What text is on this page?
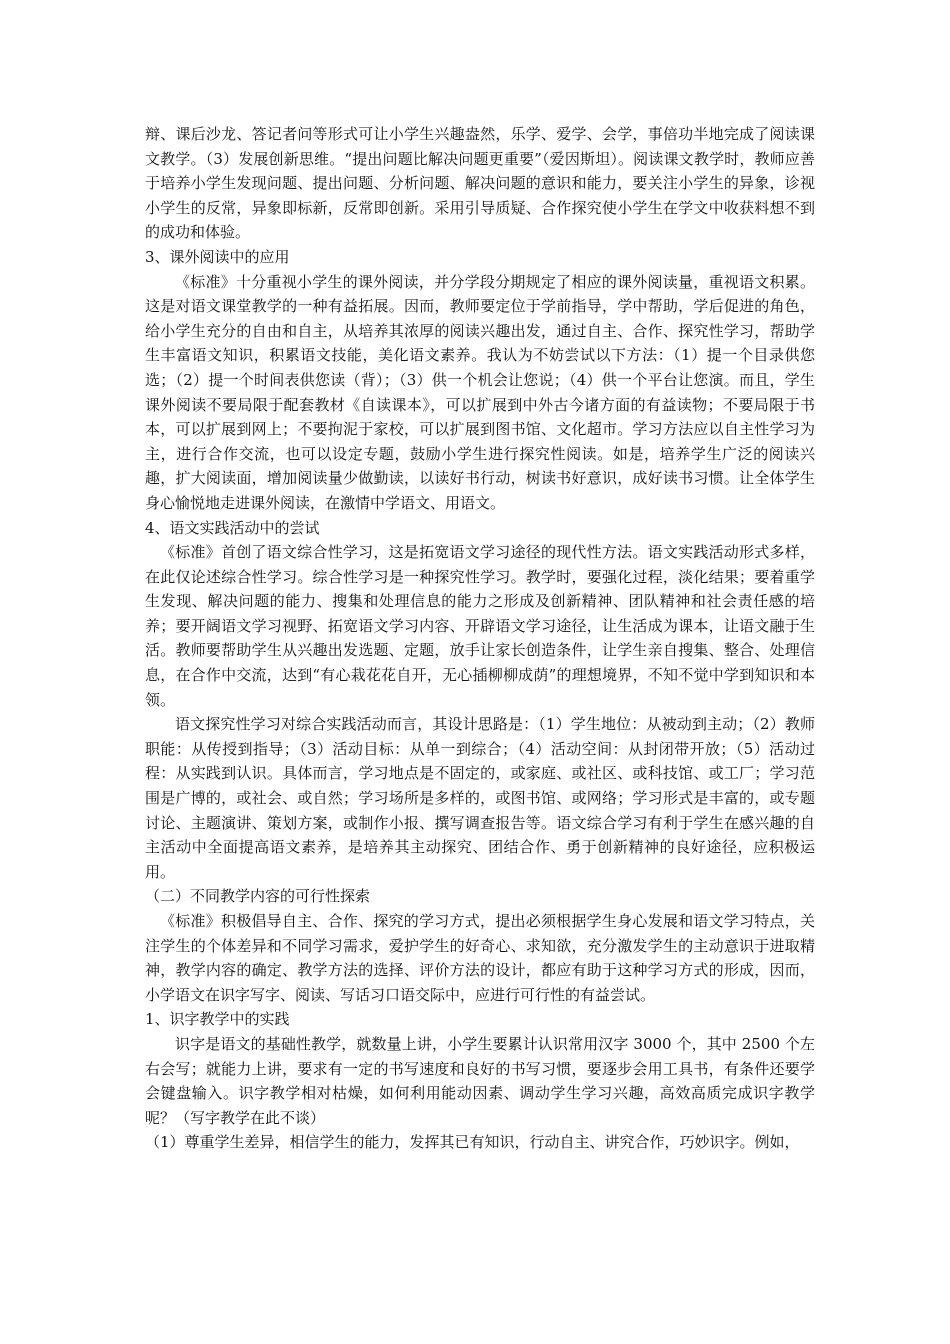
辩、课后沙龙、答记者问等形式可让小学生兴趣盎然，乐学、爱学、会学，事倍功半地完成了阅读课文教学。（3）发展创新思维。“提出问题比解决问题更重要”（爱因斯坦）。阅读课文教学时，教师应善于培养小学生发现问题、提出问题、分析问题、解决问题的意识和能力，要关注小学生的异象，诊视小学生的反常，异象即标新，反常即创新。采用引导质疑、合作探究使小学生在学文中收获料想不到的成功和体验。

3、课外阅读中的应用

《标准》十分重视小学生的课外阅读，并分学段分期规定了相应的课外阅读量，重视语文积累。这是对语文课堂教学的一种有益拓展。因而，教师要定位于学前指导，学中帮助，学后促进的角色，给小学生充分的自由和自主，从培养其浓厚的阅读兴趣出发，通过自主、合作、探究性学习，帮助学生丰富语文知识，积累语文技能，美化语文素养。我认为不妨尝试以下方法：（1）提一个目录供您选；（2）提一个时间表供您读（背）；（3）供一个机会让您说；（4）供一个平台让您演。而且，学生课外阅读不要局限于配套教材《自读课本》，可以扩展到中外古今诸方面的有益读物；不要局限于书本，可以扩展到网上；不要拘泥于家校，可以扩展到图书馆、文化超市。学习方法应以自主性学习为主，进行合作交流，也可以设定专题，鼓励小学生进行探究性阅读。如是，培养学生广泛的阅读兴趣，扩大阅读面，增加阅读量少做勤读，以读好书行动，树读书好意识，成好读书习惯。让全体学生身心愉悦地走进课外阅读，在激情中学语文、用语文。

4、语文实践活动中的尝试

《标准》首创了语文综合性学习，这是拓宽语文学习途径的现代性方法。语文实践活动形式多样，在此仅论述综合性学习。综合性学习是一种探究性学习。教学时，要强化过程，淡化结果；要着重学生发现、解决问题的能力、搜集和处理信息的能力之形成及创新精神、团队精神和社会责任感的培养；要开阔语文学习视野、拓宽语文学习内容、开辟语文学习途径，让生活成为课本，让语文融于生活。教师要帮助学生从兴趣出发选题、定题，放手让家长创造条件，让学生亲自搜集、整合、处理信息，在合作中交流，达到“有心栽花花自开，无心插柳柳成荫”的理想境界，不知不觉中学到知识和本领。

语文探究性学习对综合实践活动而言，其设计思路是：（1）学生地位：从被动到主动；（2）教师职能：从传授到指导；（3）活动目标：从单一到综合；（4）活动空间：从封闭带开放；（5）活动过程：从实践到认识。具体而言，学习地点是不固定的，或家庭、或社区、或科技馆、或工厂；学习范围是广博的，或社会、或自然；学习场所是多样的，或图书馆、或网络；学习形式是丰富的，或专题讨论、主题演讲、策划方案，或制作小报、撰写调查报告等。语文综合学习有利于学生在感兴趣的自主活动中全面提高语文素养，是培养其主动探究、团结合作、勇于创新精神的良好途径，应积极运用。

（二）不同教学内容的可行性探索

《标准》积极倡导自主、合作、探究的学习方式，提出必须根据学生身心发展和语文学习特点，关注学生的个体差异和不同学习需求，爱护学生的好奇心、求知欲，充分激发学生的主动意识于进取精神，教学内容的确定、教学方法的选择、评价方法的设计，都应有助于这种学习方式的形成，因而，小学语文在识字写字、阅读、写话习口语交际中，应进行可行性的有益尝试。

1、识字教学中的实践

识字是语文的基础性教学，就数量上讲，小学生要累计认识常用汉字 3000 个，其中 2500 个左右会写；就能力上讲，要求有一定的书写速度和良好的书写习惯，要逐步会用工具书，有条件还要学会键盘输入。识字教学相对枯燥，如何利用能动因素、调动学生学习兴趣，高效高质完成识字教学呢？（写字教学在此不谈）

（1）尊重学生差异，相信学生的能力，发挥其已有知识，行动自主、讲究合作，巧妙识字。例如，
